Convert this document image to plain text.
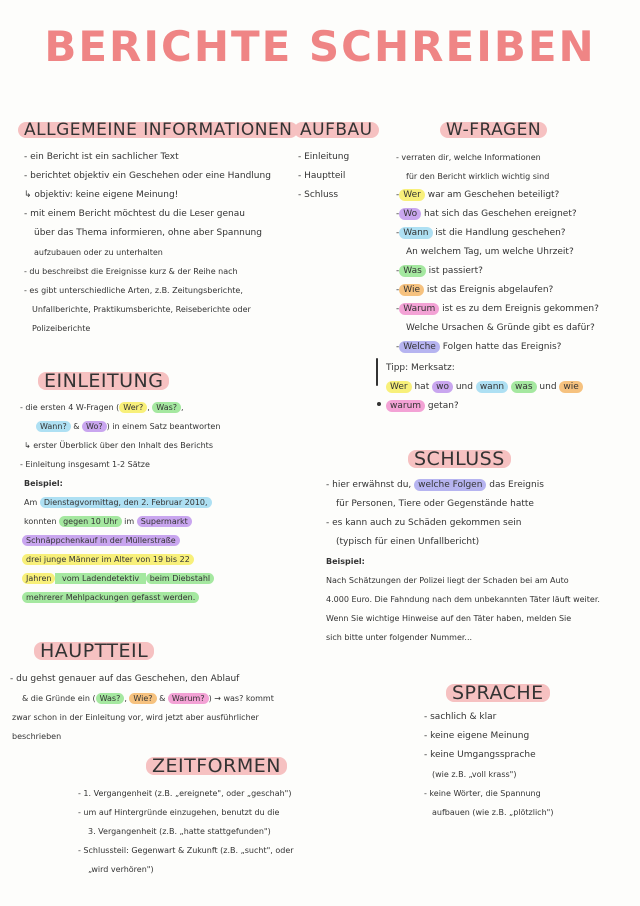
BERICHTE SCHREIBEN
ALLGEMEINE INFORMATIONEN
- ein Bericht ist ein sachlicher Text
- berichtet objektiv ein Geschehen oder eine Handlung
↳ objektiv: keine eigene Meinung!
- mit einem Bericht möchtest du die Leser genau
über das Thema informieren, ohne aber Spannung
aufzubauen oder zu unterhalten
- du beschreibst die Ereignisse kurz & der Reihe nach
- es gibt unterschiedliche Arten, z.B. Zeitungsberichte,
Unfallberichte, Praktikumsberichte, Reiseberichte oder
Polizeiberichte
AUFBAU
- Einleitung
- Hauptteil
- Schluss
W-FRAGEN
- verraten dir, welche Informationen
für den Bericht wirklich wichtig sind
- Wer war am Geschehen beteiligt?
- Wo hat sich das Geschehen ereignet?
- Wann ist die Handlung geschehen?
An welchem Tag, um welche Uhrzeit?
- Was ist passiert?
- Wie ist das Ereignis abgelaufen?
- Warum ist es zu dem Ereignis gekommen?
Welche Ursachen & Gründe gibt es dafür?
- Welche Folgen hatte das Ereignis?
Tipp: Merksatz:
Wer hat wo und wann was und wie
warum getan?
EINLEITUNG
- die ersten 4 W-Fragen ( Wer? , Was? ,
Wann? & Wo? ) in einem Satz beantworten
↳ erster Überblick über den Inhalt des Berichts
- Einleitung insgesamt 1-2 Sätze
Beispiel:
Am Dienstagvormittag, den 2. Februar 2010,
konnten gegen 10 Uhr im Supermarkt
Schnäppchenkauf in der Müllerstraße
drei junge Männer im Alter von 19 bis 22
Jahren vom Ladendetektiv beim Diebstahl
mehrerer Mehlpackungen gefasst werden.
HAUPTTEIL
- du gehst genauer auf das Geschehen, den Ablauf
& die Gründe ein ( Was? , Wie? & Warum? ) → was? kommt
zwar schon in der Einleitung vor, wird jetzt aber ausführlicher
beschrieben
ZEITFORMEN
- 1. Vergangenheit (z.B. „ereignete", oder „geschah")
- um auf Hintergründe einzugehen, benutzt du die
3. Vergangenheit (z.B. „hatte stattgefunden")
- Schlussteil: Gegenwart & Zukunft (z.B. „sucht", oder
„wird verhören")
SCHLUSS
- hier erwähnst du, welche Folgen das Ereignis
für Personen, Tiere oder Gegenstände hatte
- es kann auch zu Schäden gekommen sein
(typisch für einen Unfallbericht)
Beispiel:
Nach Schätzungen der Polizei liegt der Schaden bei am Auto
4.000 Euro. Die Fahndung nach dem unbekannten Täter läuft weiter.
Wenn Sie wichtige Hinweise auf den Täter haben, melden Sie
sich bitte unter folgender Nummer...
SPRACHE
- sachlich & klar
- keine eigene Meinung
- keine Umgangssprache
(wie z.B. „voll krass")
- keine Wörter, die Spannung
aufbauen (wie z.B. „plötzlich")
